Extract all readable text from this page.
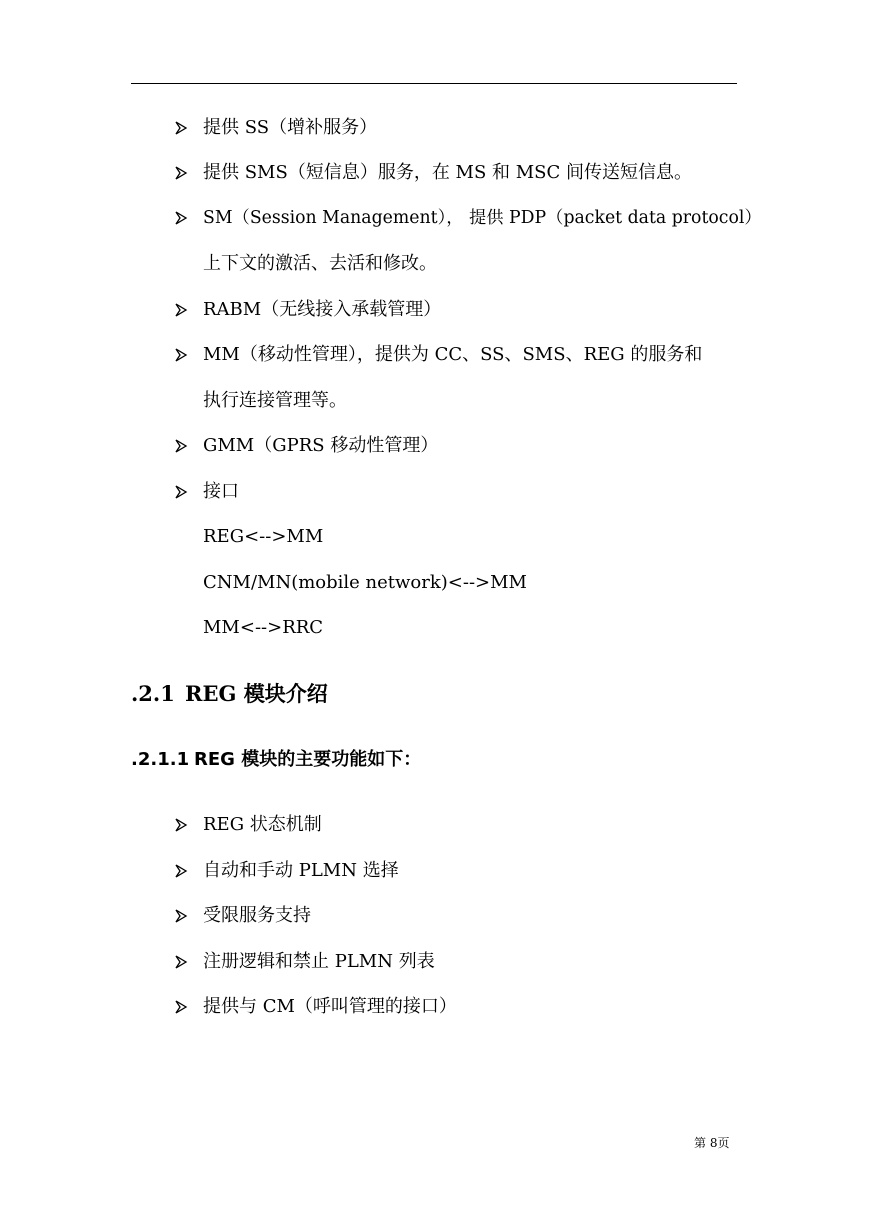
提供 SS（增补服务）
提供 SMS（短信息）服务，在 MS 和 MSC 间传送短信息。
SM（Session Management）， 提供 PDP（packet data protocol）
上下文的激活、去活和修改。
RABM（无线接入承载管理）
MM（移动性管理），提供为 CC、SS、SMS、REG 的服务和
执行连接管理等。
GMM（GPRS 移动性管理）
接口
REG<-->MM
CNM/MN(mobile network)<-->MM
MM<-->RRC
.2.1 REG 模块介绍
.2.1.1 REG 模块的主要功能如下：
REG 状态机制
自动和手动 PLMN 选择
受限服务支持
注册逻辑和禁止 PLMN 列表
提供与 CM（呼叫管理的接口）
第 8页
